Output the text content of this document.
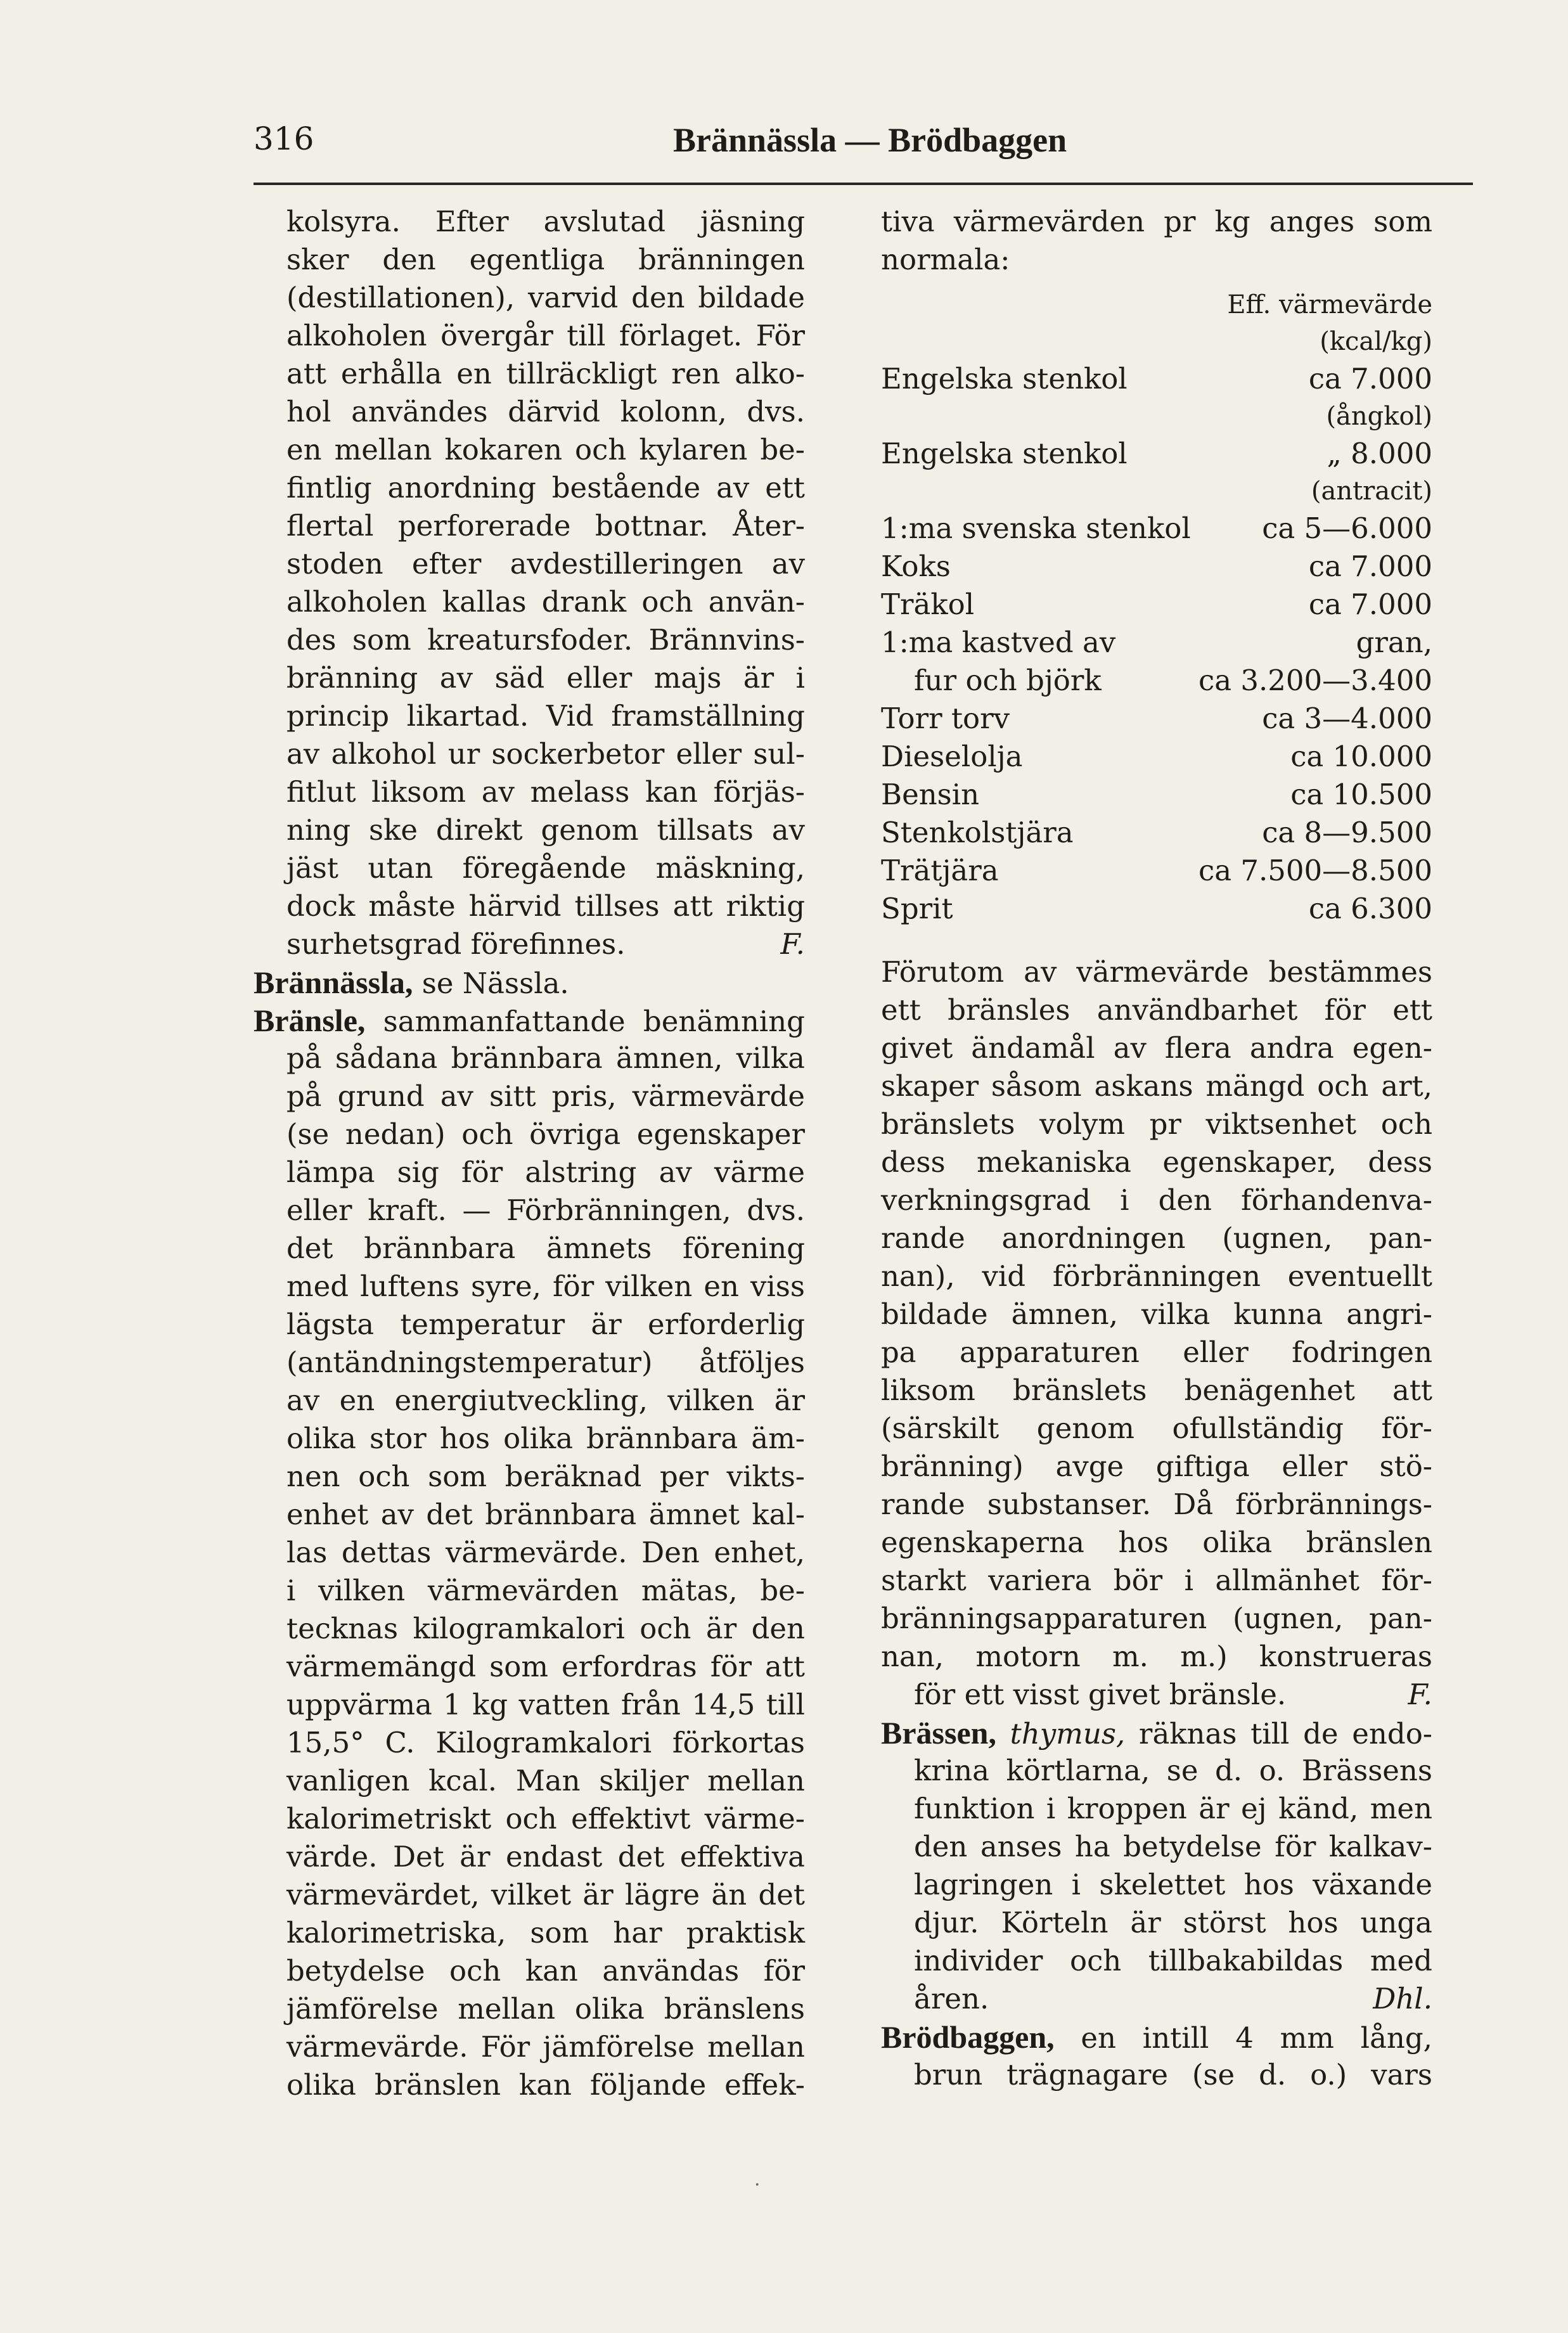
316	Brännässla — Brödbaggen
kolsyra. Efter avslutad jäsning
sker den egentliga bränningen
(destillationen), varvid den bildade
alkoholen övergår till förlaget. För
att erhålla en tillräckligt ren alko-
hol användes därvid kolonn, dvs.
en mellan kokaren och kylaren be-
fintlig anordning bestående av ett
flertal perforerade bottnar. Åter-
stoden efter avdestilleringen av
alkoholen kallas drank och använ-
des som kreatursfoder. Brännvins-
bränning av säd eller majs är i
princip likartad. Vid framställning
av alkohol ur sockerbetor eller sul-
fitlut liksom av melass kan förjäs-
ning ske direkt genom tillsats av
jäst utan föregående mäskning,
dock måste härvid tillses att riktig
surhetsgrad förefinnes.	F.
Brännässla, se Nässla.
Bränsle, sammanfattande benämning
på sådana brännbara ämnen, vilka
på grund av sitt pris, värmevärde
(se nedan) och övriga egenskaper
lämpa sig för alstring av värme
eller kraft. — Förbränningen, dvs.
det brännbara ämnets förening
med luftens syre, för vilken en viss
lägsta temperatur är erforderlig
(antändningstemperatur) åtföljes
av en energiutveckling, vilken är
olika stor hos olika brännbara äm-
nen och som beräknad per vikts-
enhet av det brännbara ämnet kal-
las dettas värmevärde. Den enhet,
i vilken värmevärden mätas, be-
tecknas kilogramkalori och är den
värmemängd som erfordras för att
uppvärma 1 kg vatten från 14,5 till
15,5° C. Kilogramkalori förkortas
vanligen kcal. Man skiljer mellan
kalorimetriskt och effektivt värme-
värde. Det är endast det effektiva
värmevärdet, vilket är lägre än det
kalorimetriska, som har praktisk
betydelse och kan användas för
jämförelse mellan olika bränslens
värmevärde. För jämförelse mellan
olika bränslen kan följande effek-
tiva värmevärden pr kg anges som
normala:
Eff. värmevärde
(kcal/kg)
Engelska stenkol	ca 7.000
(ångkol)
Engelska stenkol	„ 8.000
(antracit)
1:ma svenska stenkol ca 5—6.000
Koks	ca 7.000
Träkol	ca 7.000
1:ma kastved av	gran,
fur och björk	ca 3.200—3.400
Torr torv	ca 3—4.000
Dieselolja	ca 10.000
Bensin	ca 10.500
Stenkolstjära	ca 8—9.500
Trätjära	ca 7.500—8.500
Sprit	ca 6.300
Förutom av värmevärde bestämmes
ett bränsles användbarhet för ett
givet ändamål av flera andra egen-
skaper såsom askans mängd och art,
bränslets volym pr viktsenhet och
dess mekaniska egenskaper, dess
verkningsgrad i den förhandenva-
rande anordningen (ugnen, pan-
nan), vid förbränningen eventuellt
bildade ämnen, vilka kunna angri-
pa apparaturen eller fodringen
liksom bränslets benägenhet att
(särskilt genom ofullständig för-
bränning) avge giftiga eller stö-
rande substanser. Då förbrännings-
egenskaperna hos olika bränslen
starkt variera bör i allmänhet för-
bränningsapparaturen (ugnen, pan-
nan, motorn m. m.) konstrueras
för ett visst givet bränsle.	F.
Brässen, thymus, räknas till de endo-
krina körtlarna, se d. o. Brässens
funktion i kroppen är ej känd, men
den anses ha betydelse för kalkav-
lagringen i skelettet hos växande
djur. Körteln är störst hos unga
individer och tillbakabildas med
åren.	Dhl.
Brödbaggen, en intill 4 mm lång,
brun trägnagare (se d. o.) vars
·
